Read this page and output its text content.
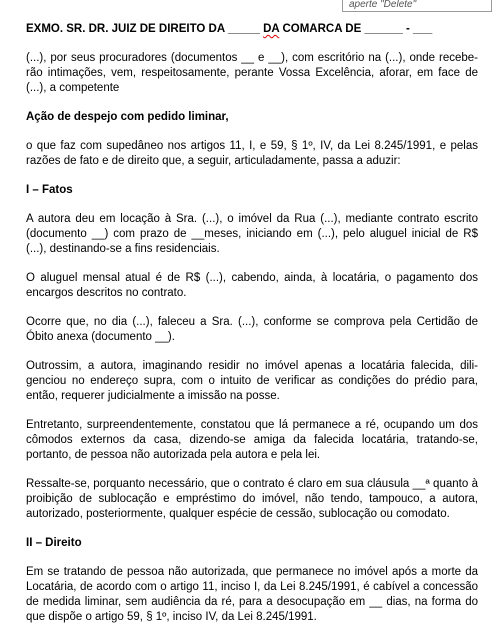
aperte "Delete"

EXMO. SR. DR. JUIZ DE DIREITO DA _____ DA COMARCA DE ______ - ___

(...), por seus procuradores (documentos __ e __), com escritório na (...), onde receberão intimações, vem, respeitosamente, perante Vossa Excelência, aforar, em face de (...), a competente

Ação de despejo com pedido liminar,

o que faz com supedâneo nos artigos 11, I, e 59, § 1º, IV, da Lei 8.245/1991, e pelas razões de fato e de direito que, a seguir, articuladamente, passa a aduzir:

I – Fatos

A autora deu em locação à Sra. (...), o imóvel da Rua (...), mediante contrato escrito (documento __) com prazo de __meses, iniciando em (...), pelo aluguel inicial de R$ (...), destinando-se a fins residenciais.

O aluguel mensal atual é de R$ (...), cabendo, ainda, à locatária, o pagamento dos encargos descritos no contrato.

Ocorre que, no dia (...), faleceu a Sra. (...), conforme se comprova pela Certidão de Óbito anexa (documento __).

Outrossim, a autora, imaginando residir no imóvel apenas a locatária falecida, diligenciou no endereço supra, com o intuito de verificar as condições do prédio para, então, requerer judicialmente a imissão na posse.

Entretanto, surpreendentemente, constatou que lá permanece a ré, ocupando um dos cômodos externos da casa, dizendo-se amiga da falecida locatária, tratando-se, portanto, de pessoa não autorizada pela autora e pela lei.

Ressalte-se, porquanto necessário, que o contrato é claro em sua cláusula __ª quanto à proibição de sublocação e empréstimo do imóvel, não tendo, tampouco, a autora, autorizado, posteriormente, qualquer espécie de cessão, sublocação ou comodato.

II – Direito

Em se tratando de pessoa não autorizada, que permanece no imóvel após a morte da Locatária, de acordo com o artigo 11, inciso I, da Lei 8.245/1991, é cabível a concessão de medida liminar, sem audiência da ré, para a desocupação em __ dias, na forma do que dispõe o artigo 59, § 1º, inciso IV, da Lei 8.245/1991.
